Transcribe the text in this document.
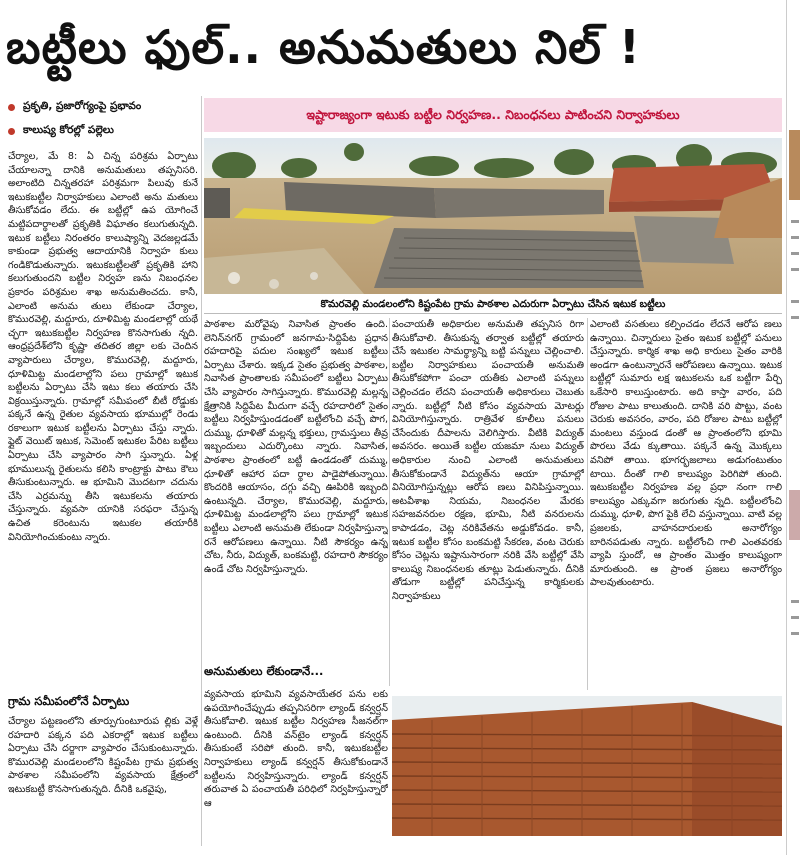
బట్టీలు ఫుల్.. అనుమతులు నిల్ !
ప్రకృతి, ప్రజారోగ్యంపై ప్రభావం
కాలుష్య కోరల్లో పల్లెలు
ఇష్టారాజ్యంగా ఇటుకు బట్టీల నిర్వహణ.. నిబంధనలు పాటించని నిర్వాహకులు
కొమరవెల్లి మండలంలోని కిష్టంపేట గ్రామ పాఠశాల ఎదురుగా ఏర్పాటు చేసిన ఇటుక బట్టీలు

చేర్యాల, మే 8: ఏ చిన్న పరిశ్రమ ఏర్పాటు చేయాలన్నా దానికి అనుమతులు తప్పనిసరి. అలాంటిది చిన్నతరహా పరిశ్రమగా పిలువు కునే ఇటుకబట్టీల నిర్వాహకులు ఎలాంటి అను మతులు తీసుకోవడం లేదు. ఈ బట్టీల్లో ఉప యోగించే మట్టిపదార్థాలతో ప్రకృతికి విఘాతం కలుగుతున్నది. ఇటుక బట్టీలు నిరంతరం కాలుష్యాన్ని వెదజల్లడమే కాకుండా ప్రభుత్వ ఆదాయానికి నిర్వాహ కులు గండికొడుతున్నారు. ఇటుకబట్టీలతో ప్రకృతికి హాని కలుగుతుందని బట్టీల నిర్వహ ణను నిబంధనల ప్రకారం పరిశ్రమల శాఖ అనుమతించదు. కానీ, ఎలాంటి అనుమ తులు లేకుండా చేర్యాల, కొమురవెల్లి, మద్దూరు, దూళిమిట్ట మండలాల్లో యథే చ్ఛగా ఇటుకబట్టీల నిర్వహణ కొనసాగుతు న్నది. ఆంధ్రప్రదేశ్‌లోని కృష్ణా తదితర జిల్లా లకు చెందిన వ్యాపారులు చేర్యాల, కొమురవెల్లి, మద్దూరు, ధూళిమిట్ట మండలాల్లోని పలు గ్రామాల్లో ఇటుక బట్టీలను ఏర్పాటు చేసి ఇటు కలు తయారు చేసి విక్రయిస్తున్నారు. గ్రామాల్లో సమీపంలో బీటీ రోడ్డుకు పక్కనే ఉన్న రైతుల వ్యవసాయ భూముల్లో రెండు రకాలుగా ఇటుక బట్టీలను ఏర్పాటు చేస్తు న్నారు. ఫ్లైట్ వెయిట్ ఇటుక, సెమెంట్ ఇటుకల పేరిట బట్టీలు ఏర్పాటు చేసి వ్యాపారం సాగి స్తున్నారు. ఏళ్ల భూములున్న రైతులను కలిసి కాంట్రాక్టు పాటు కౌలు తీసుకుంటున్నారు. ఆ భూమిని మొదటగా చదును చేసి ఎర్రమన్ను తీసి ఇటుకలను తయారు చేస్తున్నారు. వ్యవసా యానికి సరఫరా చేస్తున్న ఉచిత కరెంటును ఇటుకల తయారీకి వినియోగించుకుంటు న్నారు.

గ్రామ సమీపంలోనే ఏర్పాటు

చేర్యాల పట్టణంలోని తూర్పుగుంటూరుప ల్లికు వెళ్లే రహదారి పక్కన పది ఎకరాల్లో ఇటుక బట్టీలు ఏర్పాటు చేసి దర్జాగా వ్యాపారం చేసుకుంటున్నారు. కొమురవెల్లి మండలంలోని కిష్టంపేట గ్రామ ప్రభుత్వ పాఠశాల సమీపంలోని వ్యవసాయ క్షేత్రంలో ఇటుకబట్టీ కొనసాగుతున్నది. దీనికి ఒకవైపు,

పాఠశాల మరోవైపు నివాసిత ప్రాంతం ఉంది. లెనిన్‌నగర్ గ్రామంలో జనగామ-సిద్దిపేట ప్రధాన రహదారిపై పదుల సంఖ్యలో ఇటుక బట్టీలు ఏర్పాటు చేశారు. ఇక్కడ సైతం ప్రభుత్వ పాఠశాల, నివాసిత ప్రాంతాలకు సమీపంలో బట్టీలు ఏర్పాటు చేసి వ్యాపారం సాగిస్తున్నారు. కొమురవెల్లి మల్లన్న క్షేత్రానికి సిద్దిపేట మీదుగా వచ్చే రహదారిలో సైతం బట్టీలు నిర్వహిస్తుండడంతో బట్టీలోంచి వచ్చే పొగ, దుమ్ము, ధూళితో మల్లన్న భక్తులు, గ్రామస్తులు తీవ్ర ఇబ్బందులు ఎదుర్కొంటు న్నారు. నివాసిత, పాఠశాల ప్రాంతంలో బట్టీ ఉండడంతో దుమ్ము, ధూళితో ఆహార పదా ర్థాల పాడైపోతున్నాయి. కొందరికి ఆయాసం, దగ్గు వచ్చి ఊపిరికి ఇబ్బంది ఉంటున్నది. చేర్యాల, కొమురవెల్లి, మద్దూరు, ధూళిమిట్ట మండలాల్లోని పలు గ్రామాల్లో ఇటుక బట్టీలు ఎలాంటి అనుమతి లేకుండా నిర్వహిస్తున్నా రనే ఆరోపణలు ఉన్నాయి. నీటి సౌకర్యం ఉన్న చోట, నీరు, విద్యుత్, బంకమట్టి, రహదారి సౌకర్యం ఉండే చోట నిర్వహిస్తున్నారు.

అనుమతులు లేకుండానే...

వ్యవసాయ భూమిని వ్యవసాయేతర పను లకు ఉపయోగించేప్పుడు తప్పనిసరిగా ల్యాండ్ కన్వర్షన్ తీసుకోవాలి. ఇటుక బట్టీల నిర్వహణ సీజనల్‌గా ఉంటుంది. దీనికి వన్‌టైం ల్యాండ్ కన్వర్షన్ తీసుకుంటే సరిపో తుంది. కానీ, ఇటుకబట్టీల నిర్వాహకులు ల్యాండ్ కన్వర్షన్ తీసుకోకుండానే బట్టీలను నిర్వహిస్తున్నారు. ల్యాండ్ కన్వర్షన్ తరువాత ఏ పంచాయతీ పరిధిలో నిర్వహిస్తున్నారో ఆ

పంచాయతీ అధికారుల అనుమతి తప్పనిస రిగా తీసుకోవాలి. తీసుకున్న తర్వాత బట్టీల్లో తయారు చేసే ఇటుకల సామర్థ్యాన్ని బట్టి పన్నులు చెల్లించాలి. బట్టీల నిర్వాహకులు పంచాయతీ అనుమతి తీసుకోకపోగా పంచా యతీకు ఎలాంటి పన్నులు చెల్లించడం లేదని పంచాయతీ అధికారులు చెబుతు న్నారు. బట్టీల్లో నీటి కోసం వ్యవసాయ మోటర్లు వినియోగిస్తున్నారు. రాత్రివేళ కూలీలు పనులు చేసేందుకు దీపాలను వెలిగిస్తారు. వీటికి విద్యుత్ అవసరం. అయితే బట్టీల యజమా నులు విద్యుత్ అధికారుల నుంచి ఎలాంటి అనుమతులు తీసుకోకుండానే విద్యుత్‌ను ఆయా గ్రామాల్లో వినియోగిస్తున్నట్లు ఆరోప ణలు వినిపిస్తున్నాయి. అటవీశాఖ నియమ, నిబంధనల మేరకు సహజవనరుల రక్షణ, భూమి, నీటి వనరులను కాపాడడం, చెట్ల నరికివేతను అడ్డుకోవడం. కానీ, ఇటుక బట్టీల కోసం బంకమట్టి సేకరణ, వంట చెరుకు కోసం చెట్లను ఇష్టానుసారంగా నరికి వేసి బట్టీల్లో వేసి కాలుష్య నిబంధనలకు తూట్లు పెడుతున్నారు. దీనికి తోడుగా బట్టీల్లో పనిచేస్తున్న కార్మికులకు నిర్వాహకులు

ఎలాంటి వసతులు కల్పించడం లేదనే ఆరోప ణలు ఉన్నాయి. చిన్నారులు సైతం ఇటుక బట్టీల్లో పనులు చేస్తున్నారు. కార్మిక శాఖ అధి కారులు సైతం వారికి అండగా ఉంటున్నారనే ఆరోపణలు ఉన్నాయి. ఇటుక బట్టీల్లో సుమారు లక్ష ఇటుకలను ఒక బట్టీగా పేర్చి ఒకేసారి కాలుస్తుంటారు. అది కాస్తా వారం, పది రోజుల పాటు కాలుతుంది. దానికి వరి పొట్టు, వంట చెరుకు అవసరం, వారం, పది రోజుల పాటు బట్టీల్లో మంటలు వస్తుండ డంతో ఆ ప్రాంతంలోని భూమి పొరలు వేడు క్కుతాయి. పక్కనే ఉన్న మొక్కలు వనిపో తాయి. భూగర్భజలాలు అడుగంటుతుం టాయి. దీంతో గాలి కాలుష్యం పెరిగిపో తుంది. ఇటుకబట్టీల నిర్వహణ వల్ల ప్రధా నంగా గాలి కాలుష్యం ఎక్కువగా జరుగుతు న్నది. బట్టీలలోంచి దుమ్ము, ధూళి, పొగ పైకి లేచి వస్తున్నాయి. వాటి వల్ల ప్రజలకు, వాహనదారులకు అనారోగ్యం బారినపడుతు న్నారు. బట్టీలోంచి గాలి ఎంతవరకు వ్యాపి స్తుందో, ఆ ప్రాంతం మొత్తం కాలుష్యంగా మారుతుంది. ఆ ప్రాంత ప్రజలు అనారోగ్యం పాలవుతుంటారు.
